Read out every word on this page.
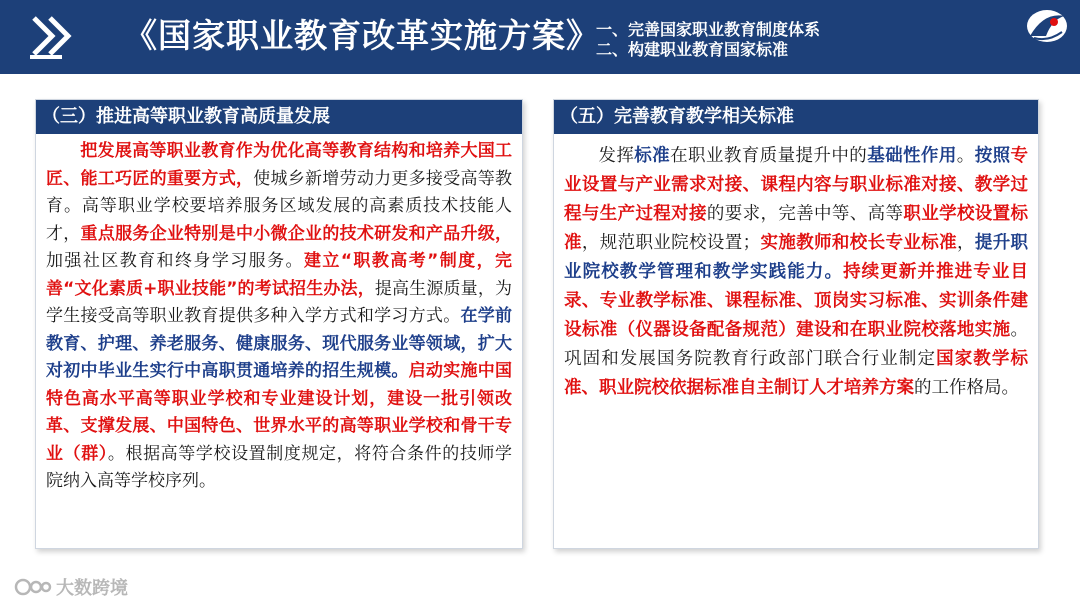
《国家职业教育改革实施方案》
一、完善国家职业教育制度体系
二、构建职业教育国家标准
（三）推进高等职业教育高质量发展
把发展高等职业教育作为优化高等教育结构和培养大国工匠、能工巧匠的重要方式，使城乡新增劳动力更多接受高等教育。高等职业学校要培养服务区域发展的高素质技术技能人才，重点服务企业特别是中小微企业的技术研发和产品升级，加强社区教育和终身学习服务。建立“职教高考”制度，完善“文化素质+职业技能”的考试招生办法，提高生源质量，为学生接受高等职业教育提供多种入学方式和学习方式。在学前教育、护理、养老服务、健康服务、现代服务业等领域，扩大对初中毕业生实行中高职贯通培养的招生规模。启动实施中国特色高水平高等职业学校和专业建设计划，建设一批引领改革、支撑发展、中国特色、世界水平的高等职业学校和骨干专业（群）。根据高等学校设置制度规定，将符合条件的技师学院纳入高等学校序列。
（五）完善教育教学相关标准
发挥标准在职业教育质量提升中的基础性作用。按照专业设置与产业需求对接、课程内容与职业标准对接、教学过程与生产过程对接的要求，完善中等、高等职业学校设置标准，规范职业院校设置；实施教师和校长专业标准，提升职业院校教学管理和教学实践能力。持续更新并推进专业目录、专业教学标准、课程标准、顶岗实习标准、实训条件建设标准（仪器设备配备规范）建设和在职业院校落地实施。巩固和发展国务院教育行政部门联合行业制定国家教学标准、职业院校依据标准自主制订人才培养方案的工作格局。
大数跨境
